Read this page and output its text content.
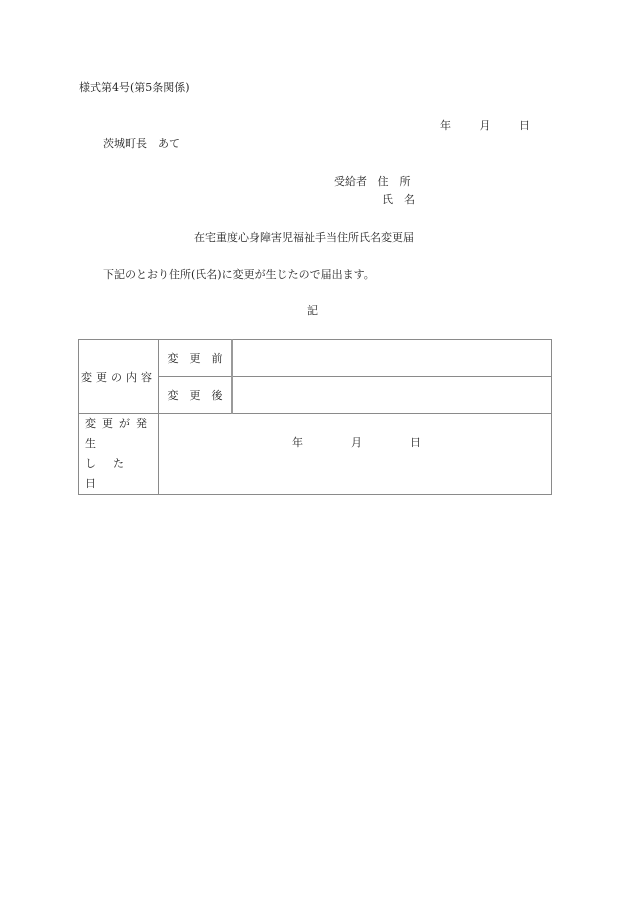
様式第4号(第5条関係)
年	月	日
茨城町長　あて
受給者 住　所
氏　名
在宅重度心身障害児福祉手当住所氏名変更届
下記のとおり住所(氏名)に変更が生じたので届出ます。
記
変更の内容	変　更　前	
	変　更　後	

変更が発生
し た日	年 月 日	
